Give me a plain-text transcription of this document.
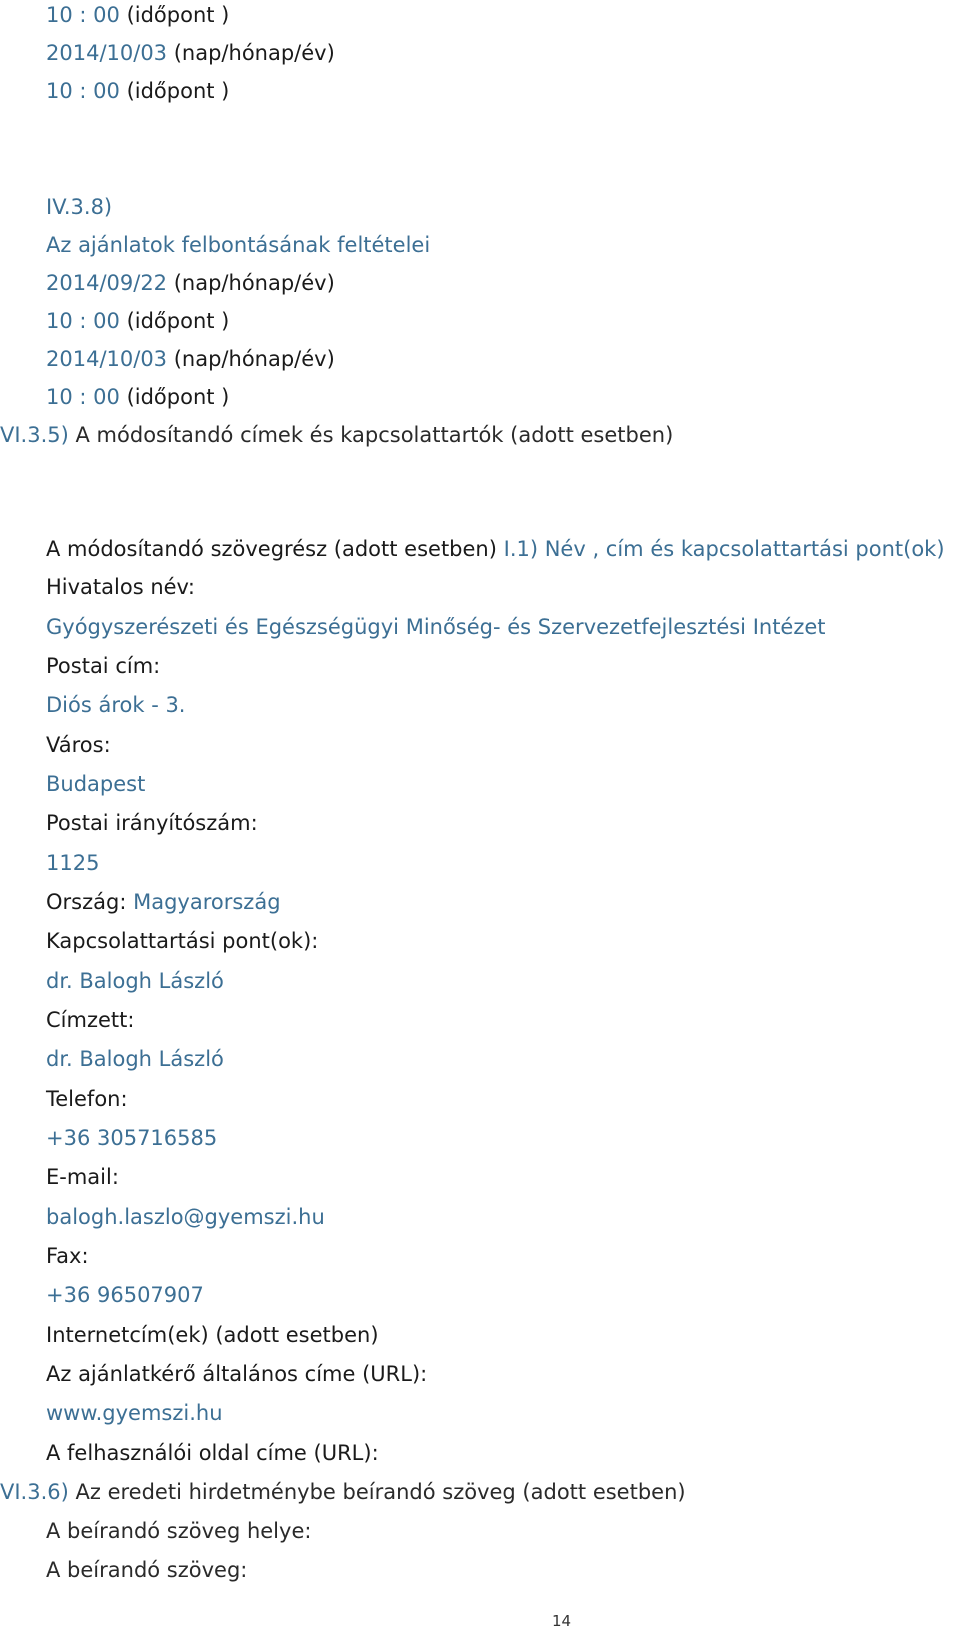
10 : 00 (időpont )
2014/10/03 (nap/hónap/év)
10 : 00 (időpont )
IV.3.8)
Az ajánlatok felbontásának feltételei
2014/09/22 (nap/hónap/év)
10 : 00 (időpont )
2014/10/03 (nap/hónap/év)
10 : 00 (időpont )
VI.3.5) A módosítandó címek és kapcsolattartók (adott esetben)
A módosítandó szövegrész (adott esetben) I.1) Név , cím és kapcsolattartási pont(ok)
Hivatalos név:
Gyógyszerészeti és Egészségügyi Minőség- és Szervezetfejlesztési Intézet
Postai cím:
Diós árok - 3.
Város:
Budapest
Postai irányítószám:
1125
Ország: Magyarország
Kapcsolattartási pont(ok):
dr. Balogh László
Címzett:
dr. Balogh László
Telefon:
+36 305716585
E-mail:
balogh.laszlo@gyemszi.hu
Fax:
+36 96507907
Internetcím(ek) (adott esetben)
Az ajánlatkérő általános címe (URL):
www.gyemszi.hu
A felhasználói oldal címe (URL):
VI.3.6) Az eredeti hirdetménybe beírandó szöveg (adott esetben)
A beírandó szöveg helye:
A beírandó szöveg:
14
